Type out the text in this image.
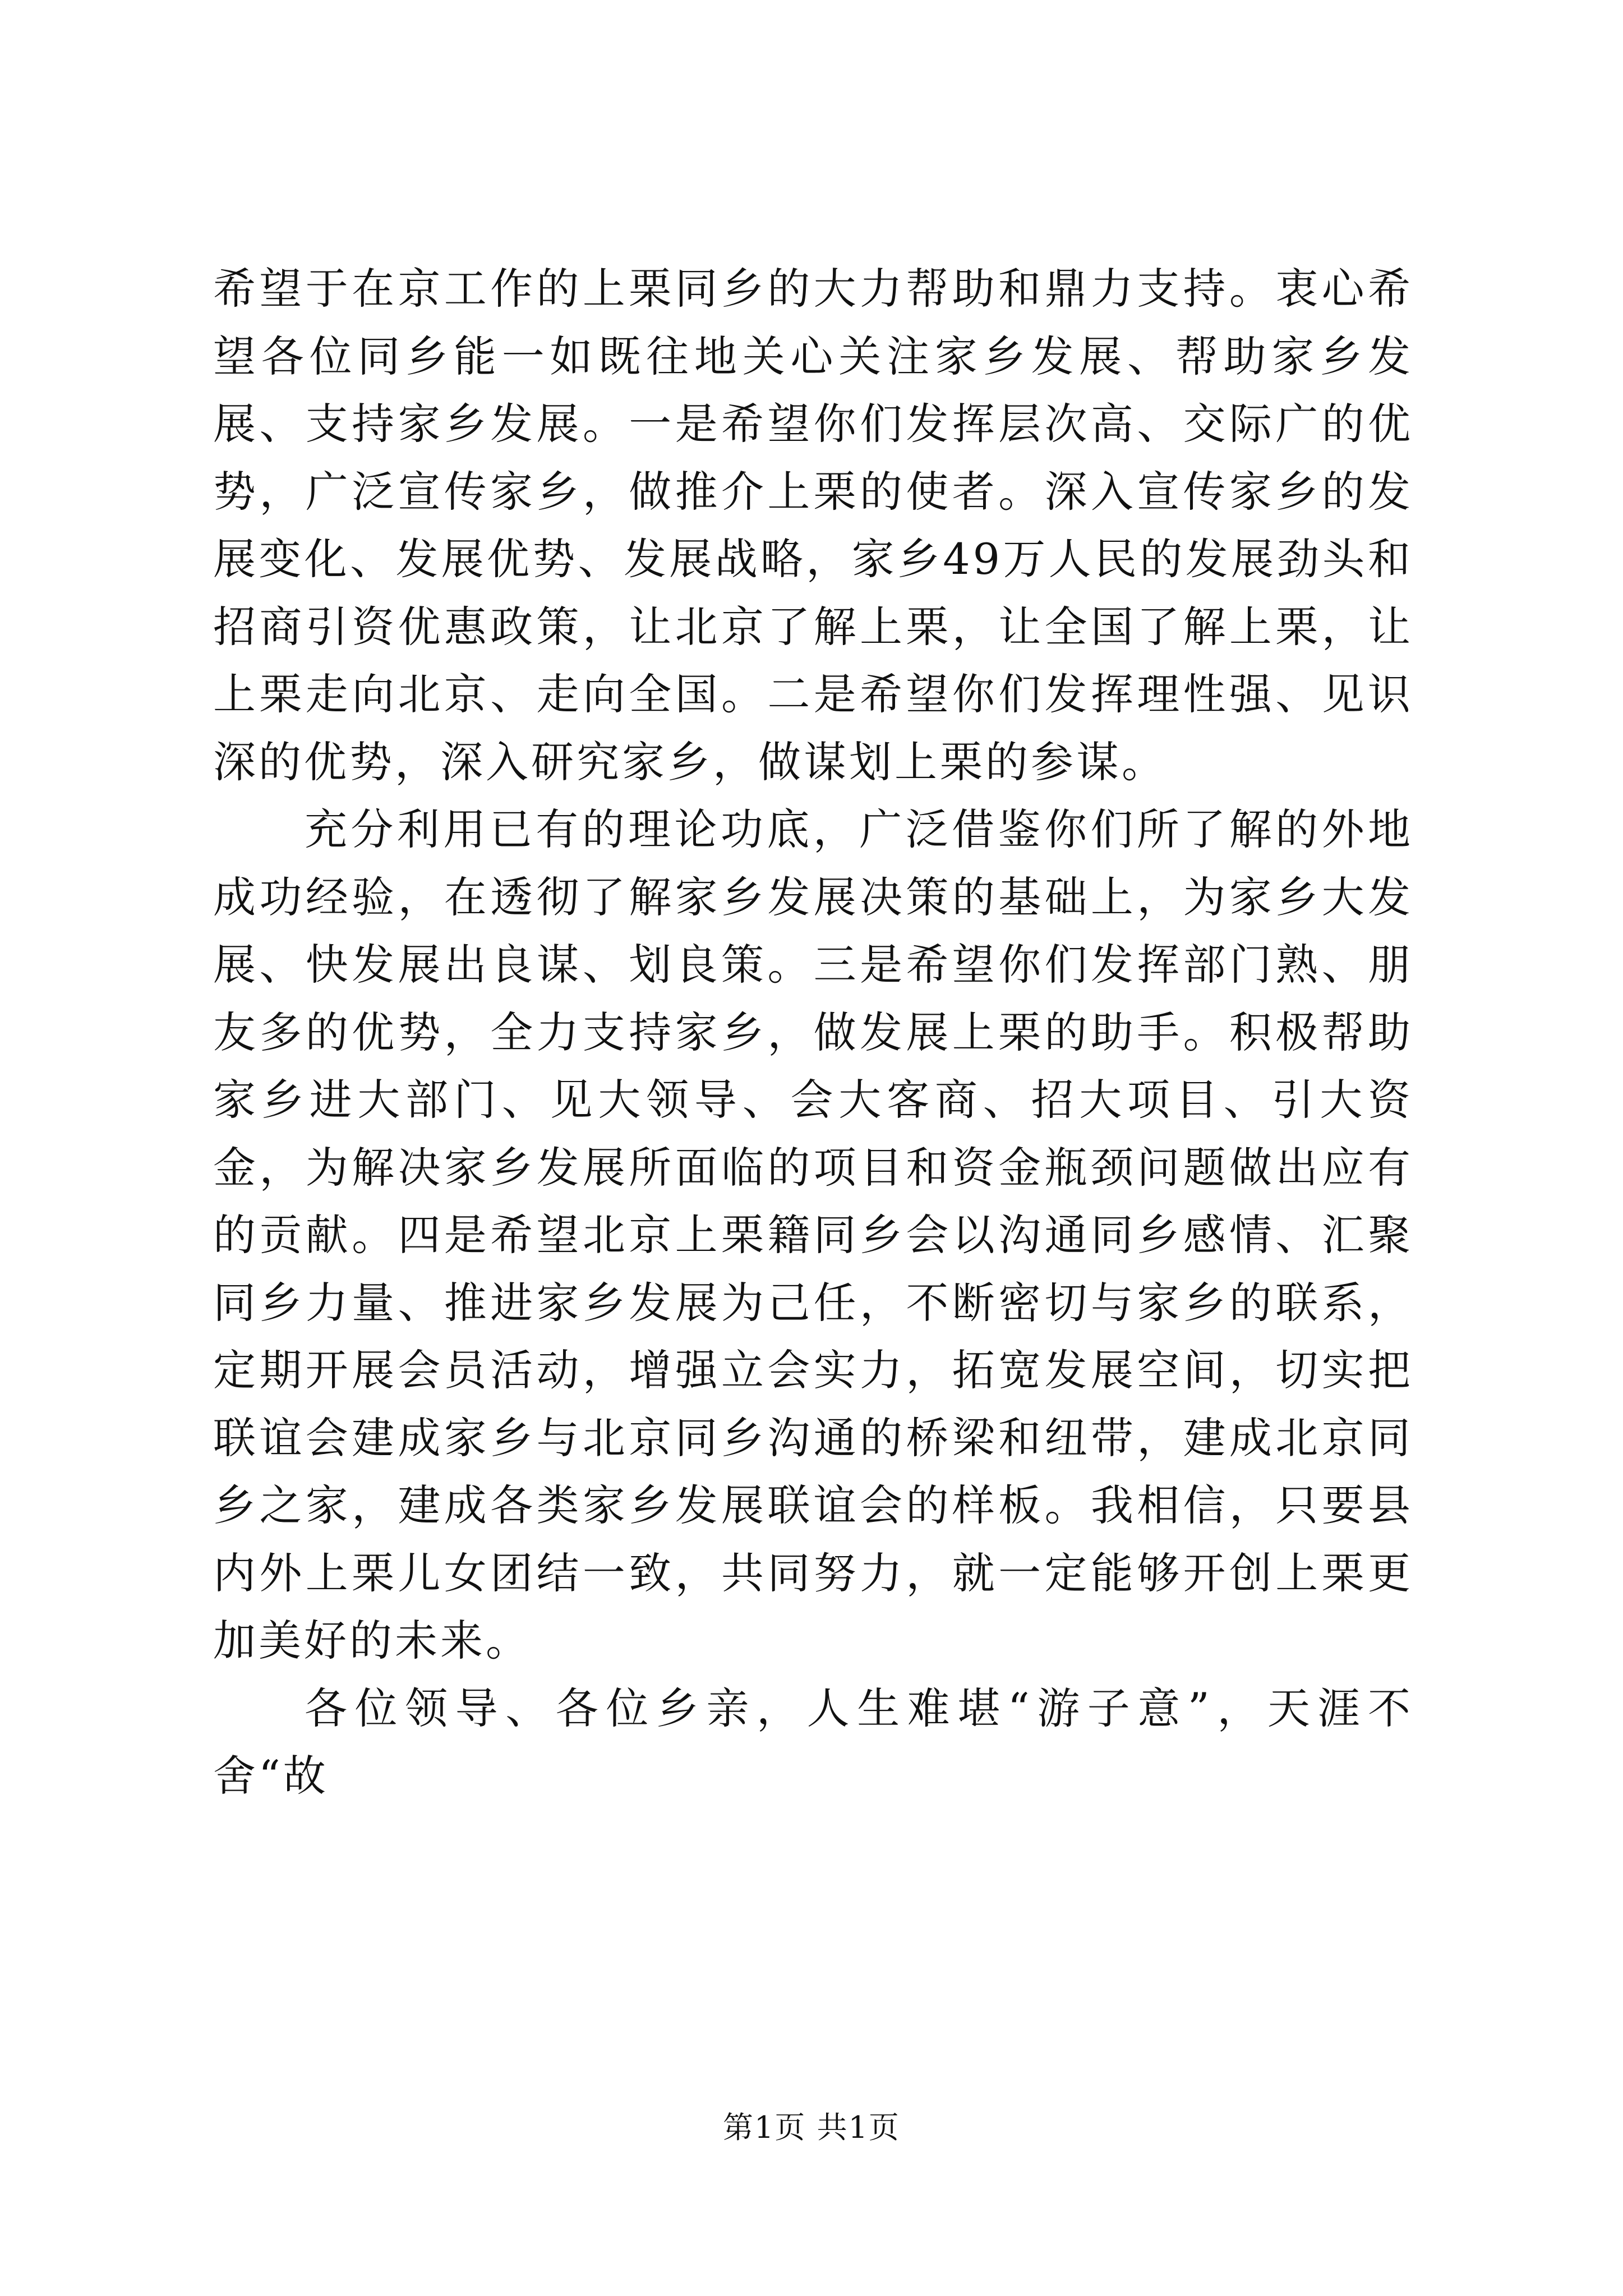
希望于在京工作的上栗同乡的大力帮助和鼎力支持。衷心希望各位同乡能一如既往地关心关注家乡发展、帮助家乡发展、支持家乡发展。一是希望你们发挥层次高、交际广的优势，广泛宣传家乡，做推介上栗的使者。深入宣传家乡的发展变化、发展优势、发展战略，家乡49万人民的发展劲头和招商引资优惠政策，让北京了解上栗，让全国了解上栗，让上栗走向北京、走向全国。二是希望你们发挥理性强、见识深的优势，深入研究家乡，做谋划上栗的参谋。

充分利用已有的理论功底，广泛借鉴你们所了解的外地成功经验，在透彻了解家乡发展决策的基础上，为家乡大发展、快发展出良谋、划良策。三是希望你们发挥部门熟、朋友多的优势，全力支持家乡，做发展上栗的助手。积极帮助家乡进大部门、见大领导、会大客商、招大项目、引大资金，为解决家乡发展所面临的项目和资金瓶颈问题做出应有的贡献。四是希望北京上栗籍同乡会以沟通同乡感情、汇聚同乡力量、推进家乡发展为己任，不断密切与家乡的联系，定期开展会员活动，增强立会实力，拓宽发展空间，切实把联谊会建成家乡与北京同乡沟通的桥梁和纽带，建成北京同乡之家，建成各类家乡发展联谊会的样板。我相信，只要县内外上栗儿女团结一致，共同努力，就一定能够开创上栗更加美好的未来。

各位领导、各位乡亲，人生难堪“游子意”，天涯不舍“故

第1页 共1页
